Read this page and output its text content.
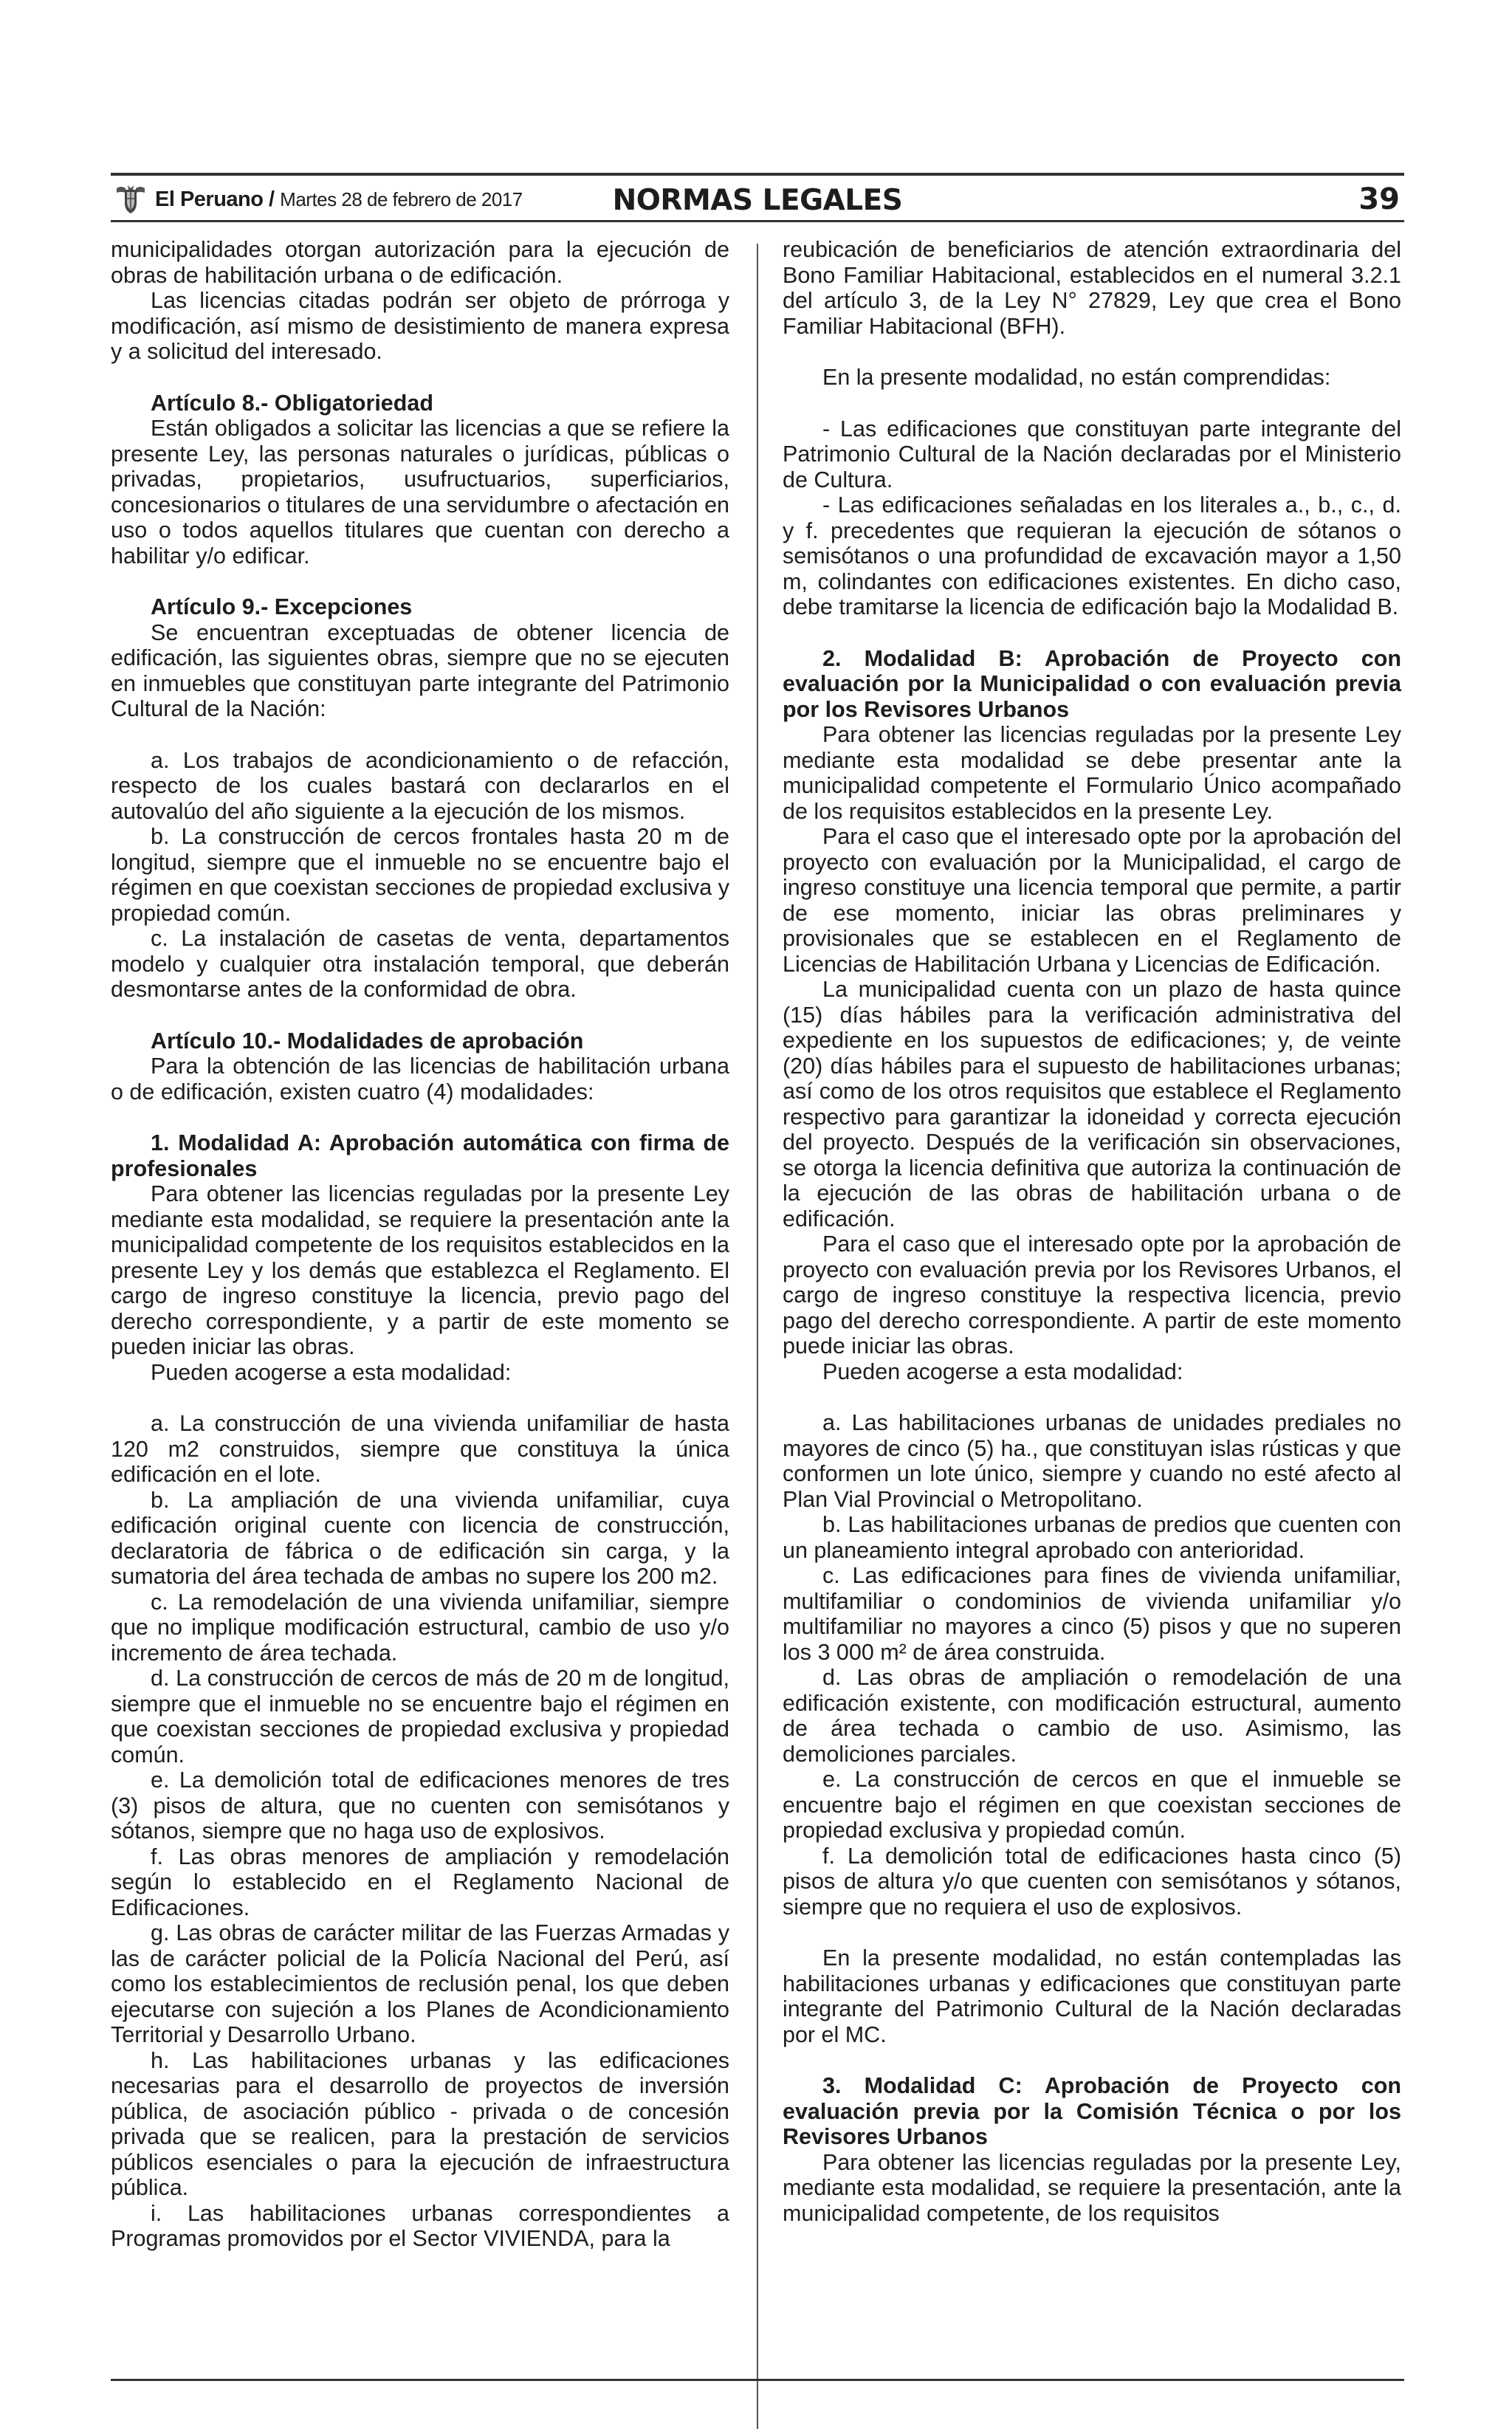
El Peruano / Martes 28 de febrero de 2017	NORMAS LEGALES	39

municipalidades otorgan autorización para la ejecución de obras de habilitación urbana o de edificación.

Las licencias citadas podrán ser objeto de prórroga y modificación, así mismo de desistimiento de manera expresa y a solicitud del interesado.

Artículo 8.- Obligatoriedad

Están obligados a solicitar las licencias a que se refiere la presente Ley, las personas naturales o jurídicas, públicas o privadas, propietarios, usufructuarios, superficiarios, concesionarios o titulares de una servidumbre o afectación en uso o todos aquellos titulares que cuentan con derecho a habilitar y/o edificar.

Artículo 9.- Excepciones

Se encuentran exceptuadas de obtener licencia de edificación, las siguientes obras, siempre que no se ejecuten en inmuebles que constituyan parte integrante del Patrimonio Cultural de la Nación:

a. Los trabajos de acondicionamiento o de refacción, respecto de los cuales bastará con declararlos en el autovalúo del año siguiente a la ejecución de los mismos.

b. La construcción de cercos frontales hasta 20 m de longitud, siempre que el inmueble no se encuentre bajo el régimen en que coexistan secciones de propiedad exclusiva y propiedad común.

c. La instalación de casetas de venta, departamentos modelo y cualquier otra instalación temporal, que deberán desmontarse antes de la conformidad de obra.

Artículo 10.- Modalidades de aprobación

Para la obtención de las licencias de habilitación urbana o de edificación, existen cuatro (4) modalidades:

1. Modalidad A: Aprobación automática con firma de profesionales

Para obtener las licencias reguladas por la presente Ley mediante esta modalidad, se requiere la presentación ante la municipalidad competente de los requisitos establecidos en la presente Ley y los demás que establezca el Reglamento. El cargo de ingreso constituye la licencia, previo pago del derecho correspondiente, y a partir de este momento se pueden iniciar las obras.

Pueden acogerse a esta modalidad:

a. La construcción de una vivienda unifamiliar de hasta 120 m2 construidos, siempre que constituya la única edificación en el lote.

b. La ampliación de una vivienda unifamiliar, cuya edificación original cuente con licencia de construcción, declaratoria de fábrica o de edificación sin carga, y la sumatoria del área techada de ambas no supere los 200 m2.

c. La remodelación de una vivienda unifamiliar, siempre que no implique modificación estructural, cambio de uso y/o incremento de área techada.

d. La construcción de cercos de más de 20 m de longitud, siempre que el inmueble no se encuentre bajo el régimen en que coexistan secciones de propiedad exclusiva y propiedad común.

e. La demolición total de edificaciones menores de tres (3) pisos de altura, que no cuenten con semisótanos y sótanos, siempre que no haga uso de explosivos.

f. Las obras menores de ampliación y remodelación según lo establecido en el Reglamento Nacional de Edificaciones.

g. Las obras de carácter militar de las Fuerzas Armadas y las de carácter policial de la Policía Nacional del Perú, así como los establecimientos de reclusión penal, los que deben ejecutarse con sujeción a los Planes de Acondicionamiento Territorial y Desarrollo Urbano.

h. Las habilitaciones urbanas y las edificaciones necesarias para el desarrollo de proyectos de inversión pública, de asociación público - privada o de concesión privada que se realicen, para la prestación de servicios públicos esenciales o para la ejecución de infraestructura pública.

i. Las habilitaciones urbanas correspondientes a Programas promovidos por el Sector VIVIENDA, para la

reubicación de beneficiarios de atención extraordinaria del Bono Familiar Habitacional, establecidos en el numeral 3.2.1 del artículo 3, de la Ley N° 27829, Ley que crea el Bono Familiar Habitacional (BFH).

En la presente modalidad, no están comprendidas:

- Las edificaciones que constituyan parte integrante del Patrimonio Cultural de la Nación declaradas por el Ministerio de Cultura.

- Las edificaciones señaladas en los literales a., b., c., d. y f. precedentes que requieran la ejecución de sótanos o semisótanos o una profundidad de excavación mayor a 1,50 m, colindantes con edificaciones existentes. En dicho caso, debe tramitarse la licencia de edificación bajo la Modalidad B.

2. Modalidad B: Aprobación de Proyecto con evaluación por la Municipalidad o con evaluación previa por los Revisores Urbanos

Para obtener las licencias reguladas por la presente Ley mediante esta modalidad se debe presentar ante la municipalidad competente el Formulario Único acompañado de los requisitos establecidos en la presente Ley.

Para el caso que el interesado opte por la aprobación del proyecto con evaluación por la Municipalidad, el cargo de ingreso constituye una licencia temporal que permite, a partir de ese momento, iniciar las obras preliminares y provisionales que se establecen en el Reglamento de Licencias de Habilitación Urbana y Licencias de Edificación.

La municipalidad cuenta con un plazo de hasta quince (15) días hábiles para la verificación administrativa del expediente en los supuestos de edificaciones; y, de veinte (20) días hábiles para el supuesto de habilitaciones urbanas; así como de los otros requisitos que establece el Reglamento respectivo para garantizar la idoneidad y correcta ejecución del proyecto. Después de la verificación sin observaciones, se otorga la licencia definitiva que autoriza la continuación de la ejecución de las obras de habilitación urbana o de edificación.

Para el caso que el interesado opte por la aprobación de proyecto con evaluación previa por los Revisores Urbanos, el cargo de ingreso constituye la respectiva licencia, previo pago del derecho correspondiente. A partir de este momento puede iniciar las obras.

Pueden acogerse a esta modalidad:

a. Las habilitaciones urbanas de unidades prediales no mayores de cinco (5) ha., que constituyan islas rústicas y que conformen un lote único, siempre y cuando no esté afecto al Plan Vial Provincial o Metropolitano.

b. Las habilitaciones urbanas de predios que cuenten con un planeamiento integral aprobado con anterioridad.

c. Las edificaciones para fines de vivienda unifamiliar, multifamiliar o condominios de vivienda unifamiliar y/o multifamiliar no mayores a cinco (5) pisos y que no superen los 3 000 m² de área construida.

d. Las obras de ampliación o remodelación de una edificación existente, con modificación estructural, aumento de área techada o cambio de uso. Asimismo, las demoliciones parciales.

e. La construcción de cercos en que el inmueble se encuentre bajo el régimen en que coexistan secciones de propiedad exclusiva y propiedad común.

f. La demolición total de edificaciones hasta cinco (5) pisos de altura y/o que cuenten con semisótanos y sótanos, siempre que no requiera el uso de explosivos.

En la presente modalidad, no están contempladas las habilitaciones urbanas y edificaciones que constituyan parte integrante del Patrimonio Cultural de la Nación declaradas por el MC.

3. Modalidad C: Aprobación de Proyecto con evaluación previa por la Comisión Técnica o por los Revisores Urbanos

Para obtener las licencias reguladas por la presente Ley, mediante esta modalidad, se requiere la presentación, ante la municipalidad competente, de los requisitos
